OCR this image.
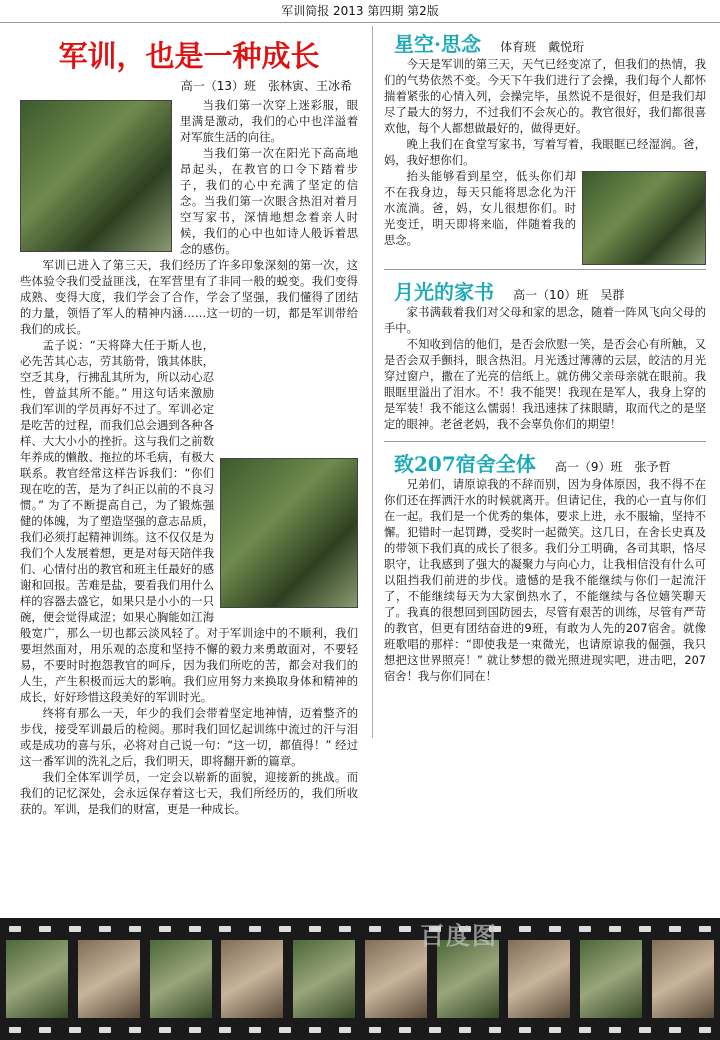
军训简报 2013 第四期 第2版
军训，也是一种成长
高一（13）班　张林寅、王冰希

当我们第一次穿上迷彩服，眼里满是激动，我们的心中也洋溢着对军旅生活的向往。

当我们第一次在阳光下高高地昂起头，在教官的口令下踏着步子，我们的心中充满了坚定的信念。当我们第一次眼含热泪对着月空写家书，深情地想念着亲人时候，我们的心中也如诗人般诉着思念的感伤。

军训已进入了第三天，我们经历了许多印象深刻的第一次，这些体验令我们受益匪浅，在军营里有了非同一般的蜕变。我们变得成熟、变得大度，我们学会了合作，学会了坚强，我们懂得了团结的力量，领悟了军人的精神内涵……这一切的一切，都是军训带给我们的成长。

孟子说：“天将降大任于斯人也，必先苦其心志，劳其筋骨，饿其体肤，空乏其身，行拂乱其所为，所以动心忍性，曾益其所不能。” 用这句话来激励我们军训的学员再好不过了。军训必定是吃苦的过程，而我们总会遇到各种各样、大大小小的挫折。这与我们之前数年养成的懒散、拖拉的坏毛病，有极大联系。教官经常这样告诉我们：“你们现在吃的苦，是为了纠正以前的不良习惯。” 为了不断提高自己，为了锻炼强健的体魄，为了塑造坚强的意志品质，我们必须打起精神训练。这不仅仅是为我们个人发展着想，更是对每天陪伴我们、心情付出的教官和班主任最好的感谢和回报。苦难是盐，要看我们用什么样的容器去盛它，如果只是小小的一只碗，便会觉得咸涩；如果心胸能如江海般宽广，那么一切也都云淡风轻了。对于军训途中的不顺利，我们要坦然面对，用乐观的态度和坚持不懈的毅力来勇敢面对，不要轻易，不要时时抱怨教官的呵斥，因为我们所吃的苦，都会对我们的人生，产生积极而远大的影响。我们应用努力来换取身体和精神的成长，好好珍惜这段美好的军训时光。

终将有那么一天，年少的我们会带着坚定地神情，迈着整齐的步伐，接受军训最后的检阅。那时我们回忆起训练中流过的汗与泪或是成功的喜与乐，必将对自己说一句：“这一切，都值得！” 经过这一番军训的洗礼之后，我们明天，即将翻开新的篇章。

我们全体军训学员，一定会以崭新的面貌，迎接新的挑战。而我们的记忆深处，会永远保存着这七天，我们所经历的，我们所收获的。军训，是我们的财富，更是一种成长。

星空·思念 体育班　戴悦珩

今天是军训的第三天，天气已经变凉了，但我们的热情，我们的气势依然不变。今天下午我们进行了会操，我们每个人都怀揣着紧张的心情入列，会操完毕，虽然说不是很好，但是我们却尽了最大的努力，不过我们不会灰心的。教官很好，我们都很喜欢他，每个人都想做最好的，做得更好。

晚上我们在食堂写家书，写着写着，我眼眶已经湿润。爸，妈，我好想你们。

抬头能够看到星空，低头你们却不在我身边，每天只能将思念化为汗水流淌。爸，妈，女儿很想你们。时光变迁，明天即将来临，伴随着我的思念。

月光的家书 高一（10）班　吴群

家书满载着我们对父母和家的思念，随着一阵风飞向父母的手中。

不知收到信的他们，是否会欣慰一笑，是否会心有所触，又是否会双手颤抖，眼含热泪。月光透过薄薄的云层，皎洁的月光穿过窗户，撒在了光亮的信纸上。就仿佛父亲母亲就在眼前。我眼眶里溢出了泪水。不！我不能哭！我现在是军人，我身上穿的是军装！我不能这么懦弱！我迅速抹了抹眼睛，取而代之的是坚定的眼神。老爸老妈，我不会辜负你们的期望！

致207宿舍全体 高一（9）班　张予哲

兄弟们，请原谅我的不辞而别，因为身体原因，我不得不在你们还在挥洒汗水的时候就离开。但请记住，我的心一直与你们在一起。我们是一个优秀的集体，要求上进，永不服输，坚持不懈。犯错时一起罚蹲，受奖时一起微笑。这几日，在舍长史真及的带领下我们真的成长了很多。我们分工明确，各司其职，恪尽职守，让我感到了强大的凝聚力与向心力，让我相信没有什么可以阻挡我们前进的步伐。遗憾的是我不能继续与你们一起流汗了，不能继续每天为大家倒热水了，不能继续与各位嬉笑聊天了。我真的很想回到国防园去，尽管有艰苦的训练，尽管有严苛的教官，但更有团结奋进的9班，有敢为人先的207宿舍。就像班歌唱的那样：“即使我是一束微光，也请原谅我的倔强，我只想把这世界照亮！” 就让梦想的微光照进现实吧，进击吧，207宿舍！我与你们同在！

百度图
